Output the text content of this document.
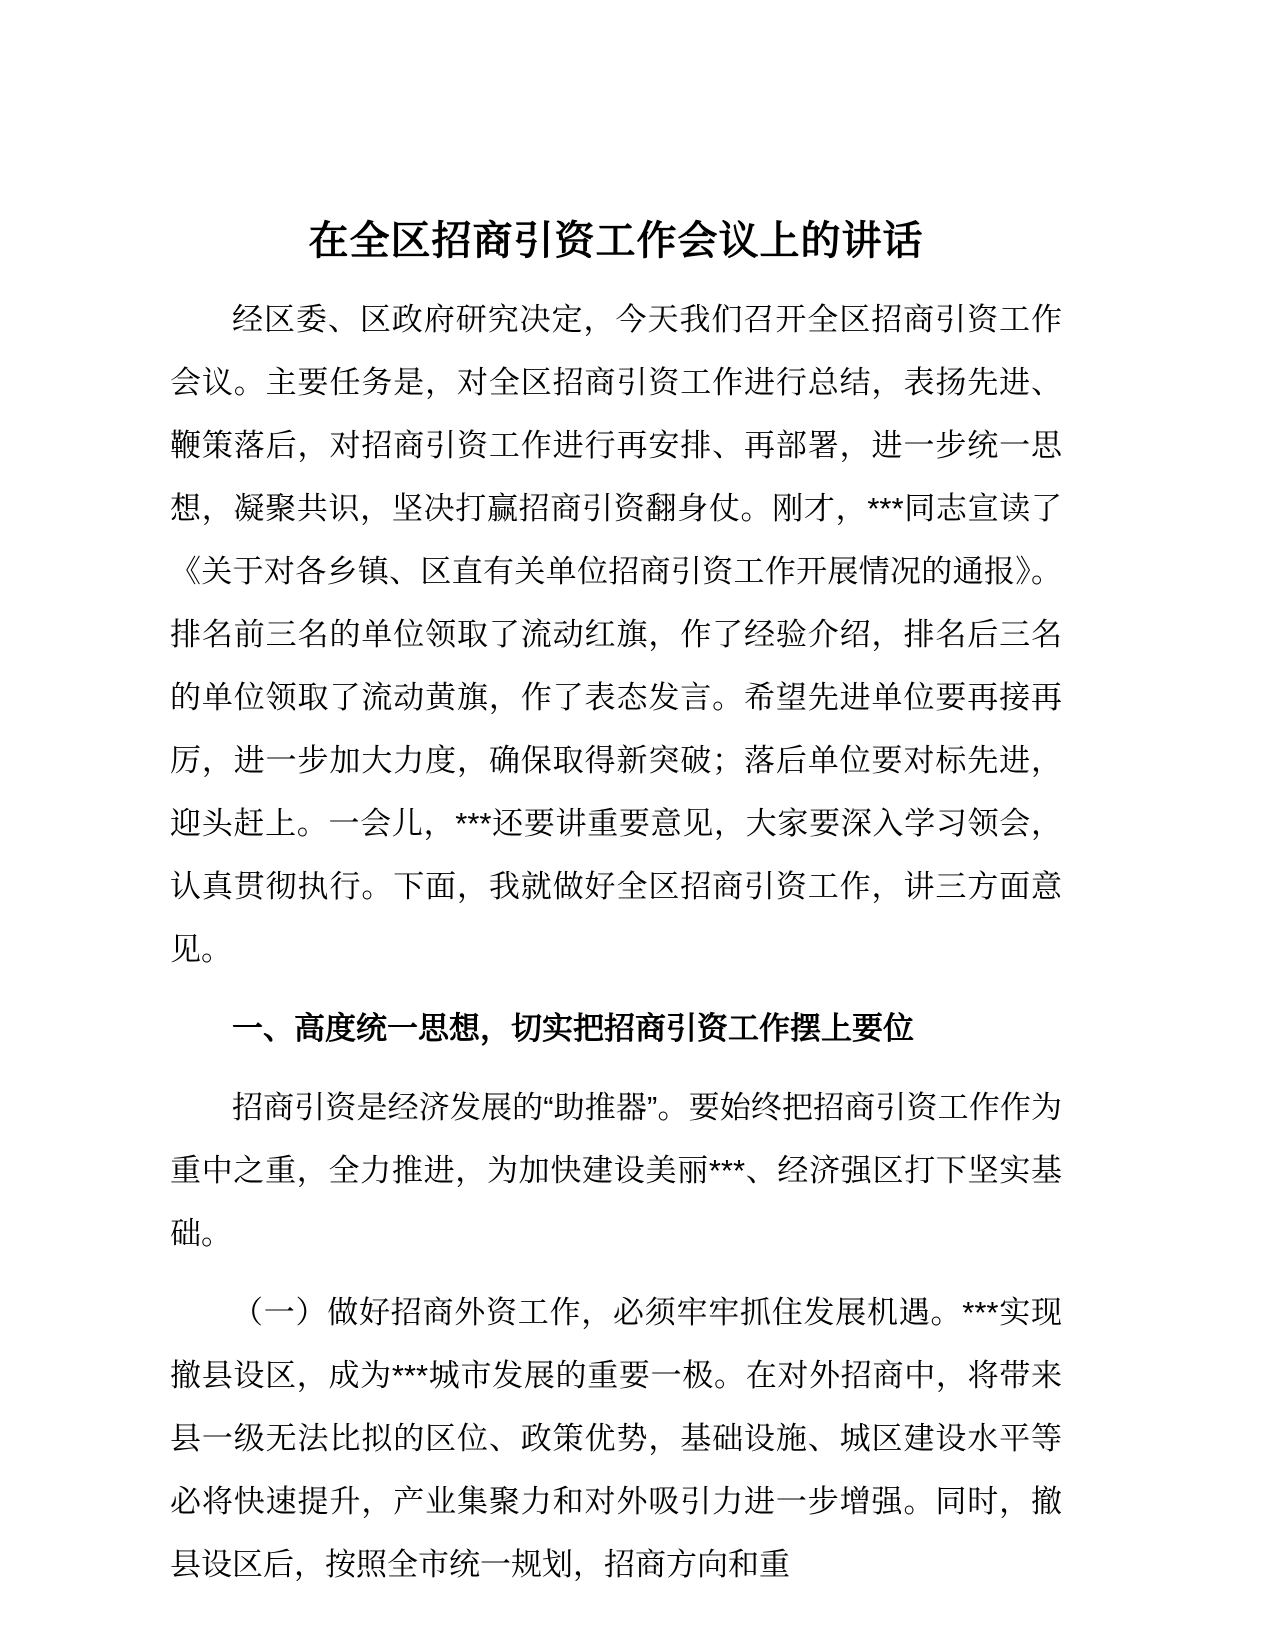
在全区招商引资工作会议上的讲话

经区委、区政府研究决定，今天我们召开全区招商引资工作会议。主要任务是，对全区招商引资工作进行总结，表扬先进、鞭策落后，对招商引资工作进行再安排、再部署，进一步统一思想，凝聚共识，坚决打赢招商引资翻身仗。刚才，***同志宣读了《关于对各乡镇、区直有关单位招商引资工作开展情况的通报》。排名前三名的单位领取了流动红旗，作了经验介绍，排名后三名的单位领取了流动黄旗，作了表态发言。希望先进单位要再接再厉，进一步加大力度，确保取得新突破；落后单位要对标先进，迎头赶上。一会儿，***还要讲重要意见，大家要深入学习领会，认真贯彻执行。下面，我就做好全区招商引资工作，讲三方面意见。

一、高度统一思想，切实把招商引资工作摆上要位

招商引资是经济发展的“助推器”。要始终把招商引资工作作为重中之重，全力推进，为加快建设美丽***、经济强区打下坚实基础。

（一）做好招商外资工作，必须牢牢抓住发展机遇。***实现撤县设区，成为***城市发展的重要一极。在对外招商中，将带来县一级无法比拟的区位、政策优势，基础设施、城区建设水平等必将快速提升，产业集聚力和对外吸引力进一步增强。同时，撤县设区后，按照全市统一规划，招商方向和重
